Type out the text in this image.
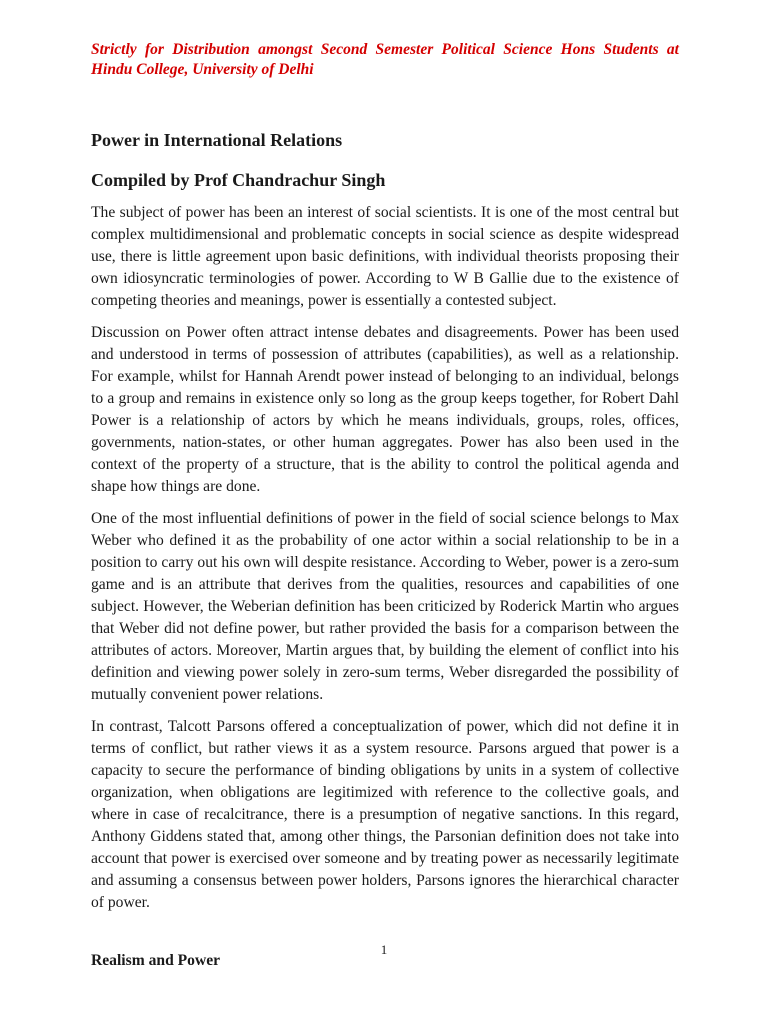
Strictly for Distribution amongst Second Semester Political Science Hons Students at Hindu College, University of Delhi

Power in International Relations
Compiled by Prof Chandrachur Singh

The subject of power has been an interest of social scientists. It is one of the most central but complex multidimensional and problematic concepts in social science as despite widespread use, there is little agreement upon basic definitions, with individual theorists proposing their own idiosyncratic terminologies of power. According to W B Gallie due to the existence of competing theories and meanings, power is essentially a contested subject.

Discussion on Power often attract intense debates and disagreements. Power has been used and understood in terms of possession of attributes (capabilities), as well as a relationship. For example, whilst for Hannah Arendt power instead of belonging to an individual, belongs to a group and remains in existence only so long as the group keeps together, for Robert Dahl Power is a relationship of actors by which he means individuals, groups, roles, offices, governments, nation-states, or other human aggregates. Power has also been used in the context of the property of a structure, that is the ability to control the political agenda and shape how things are done.

One of the most influential definitions of power in the field of social science belongs to Max Weber who defined it as the probability of one actor within a social relationship to be in a position to carry out his own will despite resistance. According to Weber, power is a zero-sum game and is an attribute that derives from the qualities, resources and capabilities of one subject. However, the Weberian definition has been criticized by Roderick Martin who argues that Weber did not define power, but rather provided the basis for a comparison between the attributes of actors. Moreover, Martin argues that, by building the element of conflict into his definition and viewing power solely in zero-sum terms, Weber disregarded the possibility of mutually convenient power relations.

In contrast, Talcott Parsons offered a conceptualization of power, which did not define it in terms of conflict, but rather views it as a system resource. Parsons argued that power is a capacity to secure the performance of binding obligations by units in a system of collective organization, when obligations are legitimized with reference to the collective goals, and where in case of recalcitrance, there is a presumption of negative sanctions. In this regard, Anthony Giddens stated that, among other things, the Parsonian definition does not take into account that power is exercised over someone and by treating power as necessarily legitimate and assuming a consensus between power holders, Parsons ignores the hierarchical character of power.

Realism and Power
1
